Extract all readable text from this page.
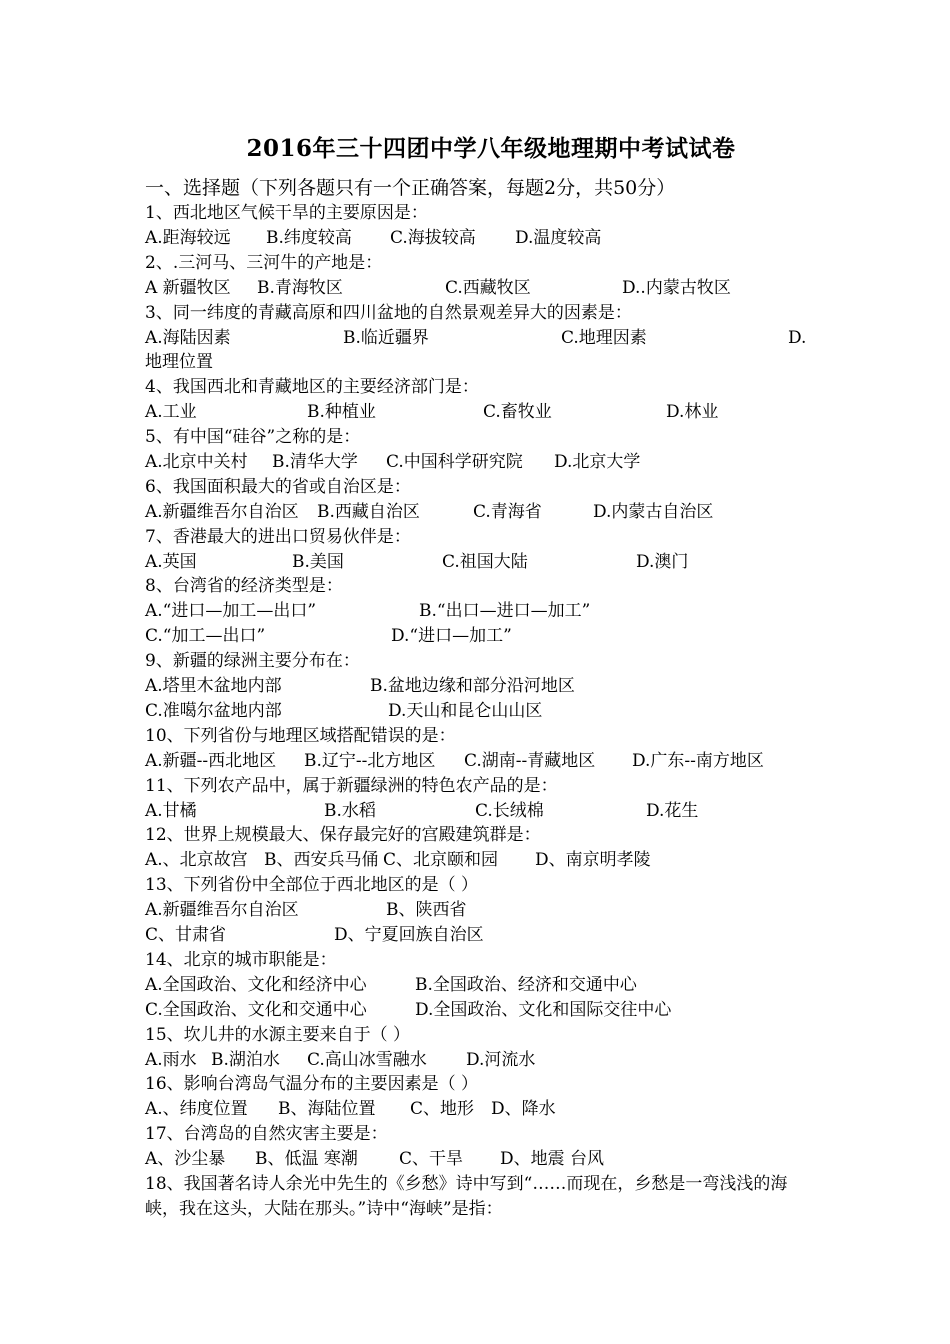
2016年三十四团中学八年级地理期中考试试卷

一、选择题（下列各题只有一个正确答案，每题2分，共50分）

1、西北地区气候干旱的主要原因是：

A.距海较远 B.纬度较高 C.海拔较高 D.温度较高

2、.三河马、三河牛的产地是：

A 新疆牧区 B.青海牧区	C.西藏牧区	D..内蒙古牧区

3、同一纬度的青藏高原和四川盆地的自然景观差异大的因素是：

A.海陆因素	B.临近疆界	C.地理因素	D.

地理位置

4、我国西北和青藏地区的主要经济部门是：

A.工业	B.种植业	C.畜牧业	D.林业

5、有中国“硅谷”之称的是：

A.北京中关村 B.清华大学 C.中国科学研究院 D.北京大学

6、我国面积最大的省或自治区是：

A.新疆维吾尔自治区 B.西藏自治区	C.青海省	D.内蒙古自治区

7、香港最大的进出口贸易伙伴是：

A.英国	B.美国	C.祖国大陆	D.澳门

8、台湾省的经济类型是：

A.“进口—加工—出口”	B.“出口—进口—加工”
C.“加工—出口”	D.“进口—加工”

9、新疆的绿洲主要分布在：

A.塔里木盆地内部	B.盆地边缘和部分沿河地区
C.准噶尔盆地内部	D.天山和昆仑山山区

10、下列省份与地理区域搭配错误的是：

A.新疆--西北地区 B.辽宁--北方地区 C.湖南--青藏地区 D.广东--南方地区

11、下列农产品中，属于新疆绿洲的特色农产品的是：

A.甘橘	B.水稻	C.长绒棉	D.花生

12、世界上规模最大、保存最完好的宫殿建筑群是：

A.、北京故宫 B、西安兵马俑 C、北京颐和园 D、南京明孝陵

13、下列省份中全部位于西北地区的是（ ）

A.新疆维吾尔自治区	B、陕西省
C、甘肃省	D、宁夏回族自治区

14、北京的城市职能是：

A.全国政治、文化和经济中心	B.全国政治、经济和交通中心
C.全国政治、文化和交通中心	D.全国政治、文化和国际交往中心

15、坎儿井的水源主要来自于（ ）

A.雨水 B.湖泊水 C.高山冰雪融水 D.河流水

16、影响台湾岛气温分布的主要因素是（ ）

A.、纬度位置 B、海陆位置 C、地形 D、降水

17、台湾岛的自然灾害主要是：

A、沙尘暴 B、低温 寒潮 C、干旱 D、地震 台风

18、我国著名诗人余光中先生的《乡愁》诗中写到“……而现在，乡愁是一弯浅浅的海峡，我在这头，大陆在那头。”诗中“海峡”是指：
